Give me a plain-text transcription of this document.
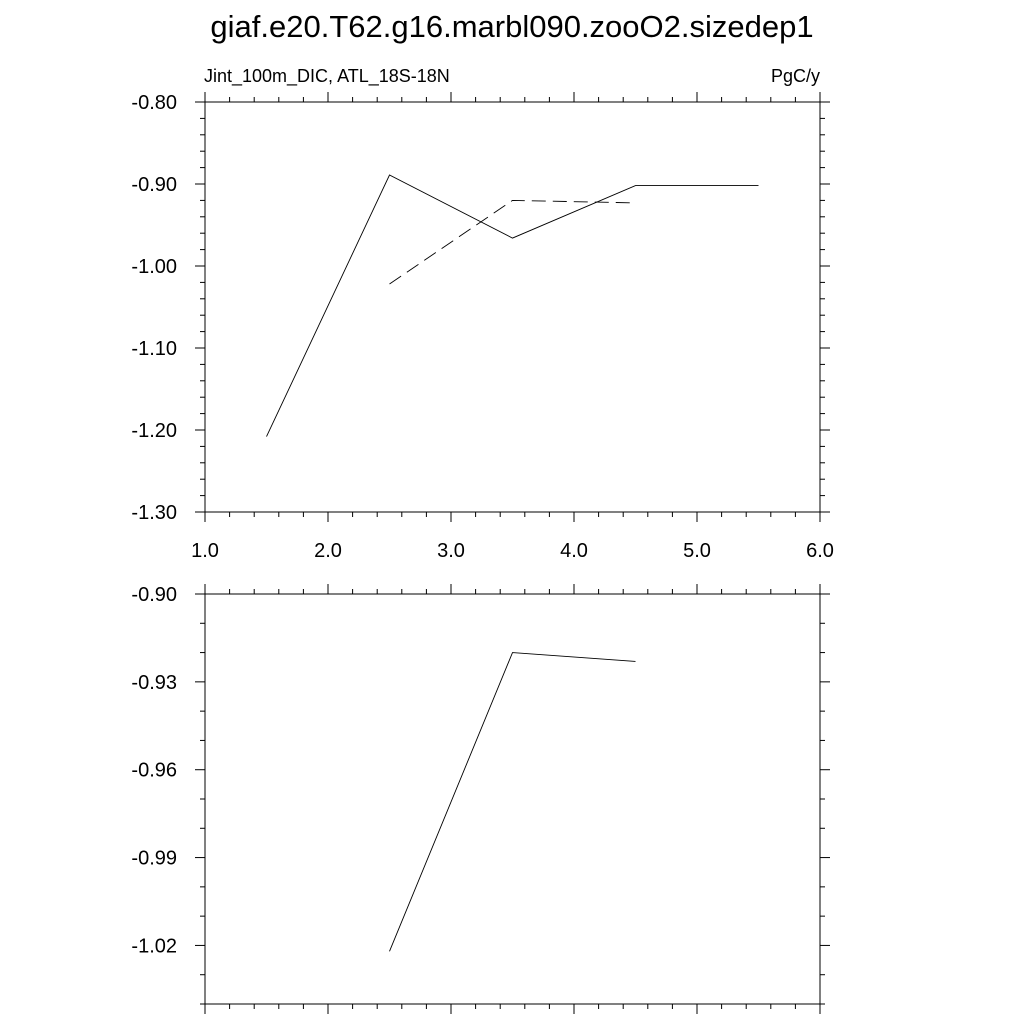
giaf.e20.T62.g16.marbl090.zooO2.sizedep1
Jint_100m_DIC, ATL_18S-18N	PgC/y
1.0	2.0	3.0	4.0	5.0	6.0
-1.30
-1.20
-1.10
-1.00
-0.90
-0.80
-1.02
-0.99
-0.96
-0.93
-0.90
